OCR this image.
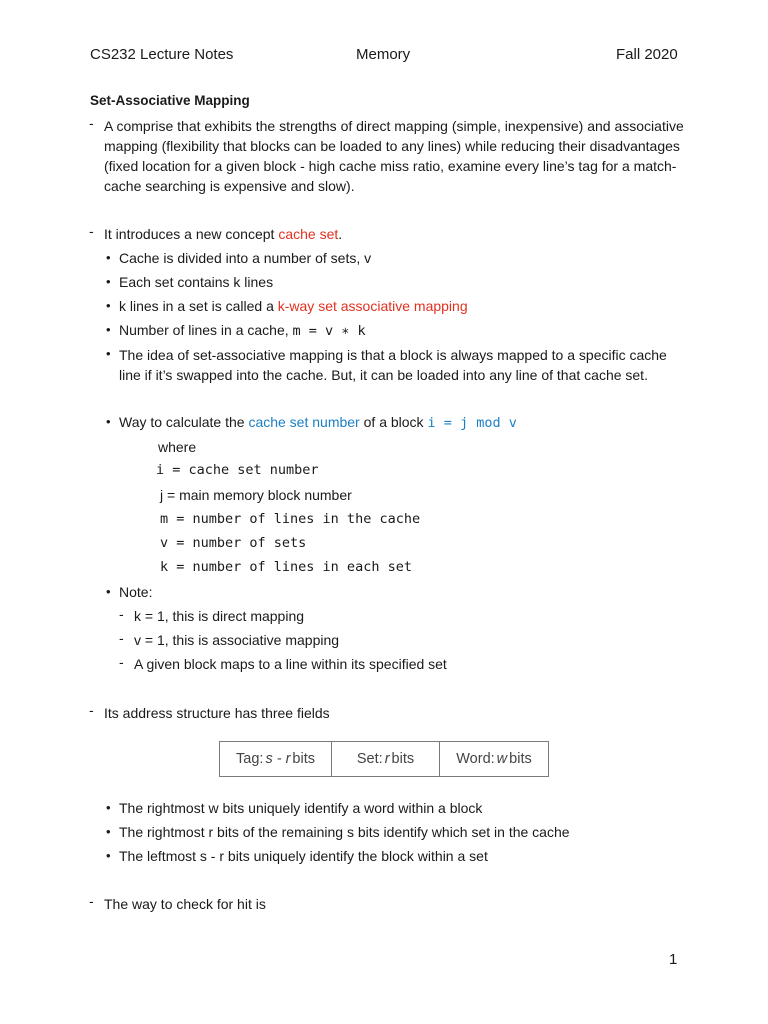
CS232 Lecture Notes	Memory	Fall 2020
Set-Associative Mapping
- A comprise that exhibits the strengths of direct mapping (simple, inexpensive) and associative
mapping (flexibility that blocks can be loaded to any lines) while reducing their disadvantages
(fixed location for a given block - high cache miss ratio, examine every line’s tag for a match-
cache searching is expensive and slow).
- It introduces a new concept cache set.
• Cache is divided into a number of sets, v
• Each set contains k lines
• k lines in a set is called a k-way set associative mapping
• Number of lines in a cache, m = v ∗ k
• The idea of set-associative mapping is that a block is always mapped to a specific cache
line if it’s swapped into the cache. But, it can be loaded into any line of that cache set.
• Way to calculate the cache set number of a block i = j mod v
where
i = cache set number
j = main memory block number
m = number of lines in the cache
v = number of sets
k = number of lines in each set
• Note:
- k = 1, this is direct mapping
- v = 1, this is associative mapping
- A given block maps to a line within its specified set
- Its address structure has three fields
Tag: s - r bits	Set: r bits	Word: w bits
• The rightmost w bits uniquely identify a word within a block
• The rightmost r bits of the remaining s bits identify which set in the cache
• The leftmost s - r bits uniquely identify the block within a set
- The way to check for hit is
1
